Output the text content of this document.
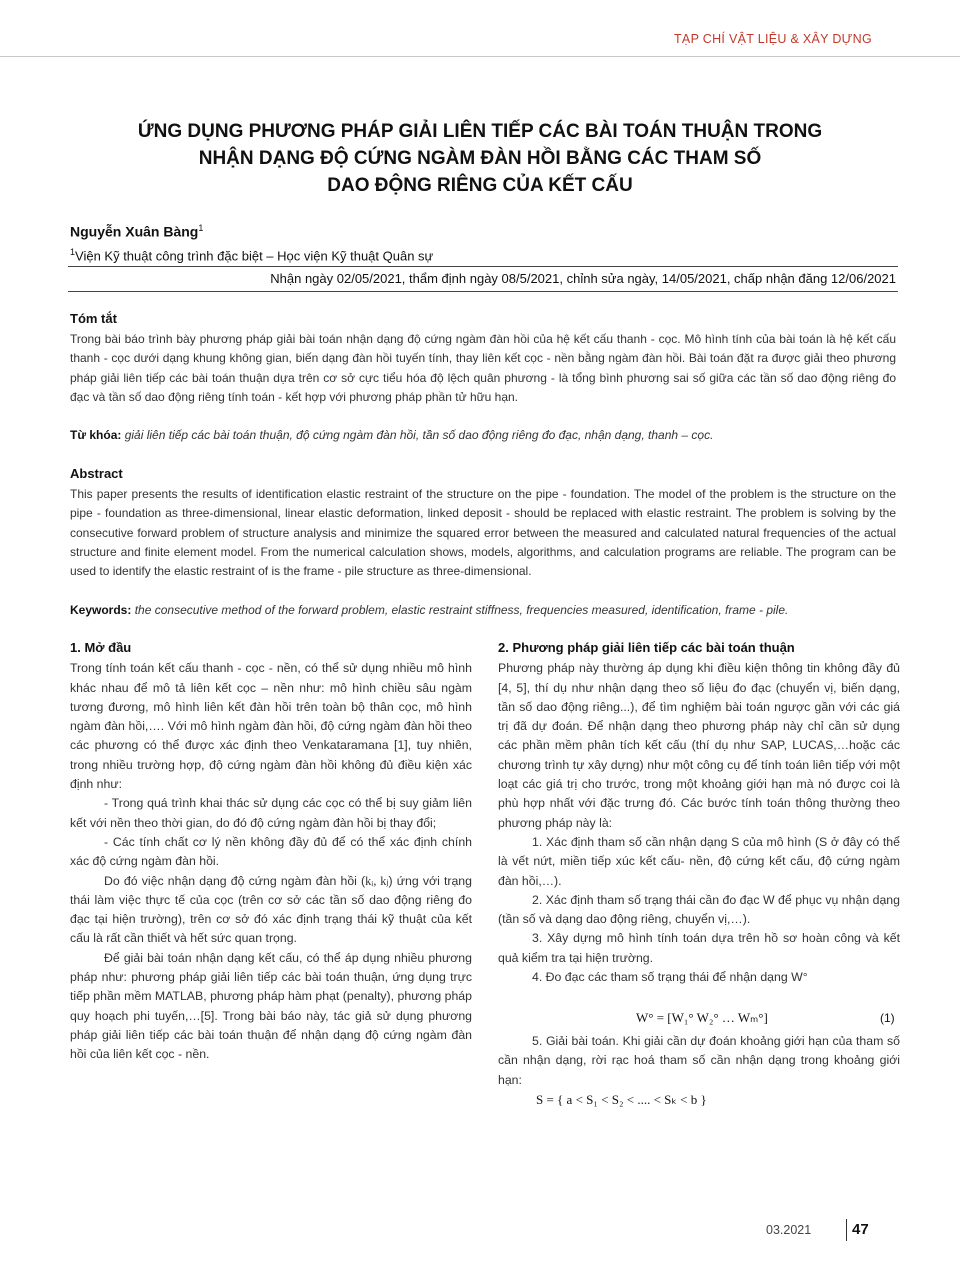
TẠP CHÍ VẬT LIỆU & XÂY DỰNG
ỨNG DỤNG PHƯƠNG PHÁP GIẢI LIÊN TIẾP CÁC BÀI TOÁN THUẬN TRONG
NHẬN DẠNG ĐỘ CỨNG NGÀM ĐÀN HỒI BẰNG CÁC THAM SỐ
DAO ĐỘNG RIÊNG CỦA KẾT CẤU
Nguyễn Xuân Bàng$^1$
$^1$Viện Kỹ thuật công trình đặc biệt – Học viện Kỹ thuật Quân sự
Nhận ngày 02/05/2021, thẩm định ngày 08/5/2021, chỉnh sửa ngày, 14/05/2021, chấp nhận đăng 12/06/2021
Tóm tắt
Trong bài báo trình bày phương pháp giải bài toán nhận dạng độ cứng ngàm đàn hồi của hệ kết cấu thanh - cọc. Mô hình tính của bài toán là hệ kết cấu thanh - cọc dưới dạng khung không gian, biến dạng đàn hồi tuyến tính, thay liên kết cọc - nền bằng ngàm đàn hồi. Bài toán đặt ra được giải theo phương pháp giải liên tiếp các bài toán thuận dựa trên cơ sở cực tiểu hóa độ lệch quân phương - là tổng bình phương sai số giữa các tần số dao động riêng đo đạc và tần số dao động riêng tính toán - kết hợp với phương pháp phần tử hữu hạn.
Từ khóa: giải liên tiếp các bài toán thuận, độ cứng ngàm đàn hồi, tần số dao động riêng đo đạc, nhận dạng, thanh – cọc.
Abstract
This paper presents the results of identification elastic restraint of the structure on the pipe - foundation. The model of the problem is the structure on the pipe - foundation as three-dimensional, linear elastic deformation, linked deposit - should be replaced with elastic restraint. The problem is solving by the consecutive forward problem of structure analysis and minimize the squared error between the measured and calculated natural frequencies of the actual structure and finite element model. From the numerical calculation shows, models, algorithms, and calculation programs are reliable. The program can be used to identify the elastic restraint of is the frame - pile structure as three-dimensional.
Keywords: the consecutive method of the forward problem, elastic restraint stiffness, frequencies measured, identification, frame - pile.

1. Mở đầu

Trong tính toán kết cấu thanh - cọc - nền, có thể sử dụng nhiều mô hình khác nhau để mô tả liên kết cọc – nền như: mô hình chiều sâu ngàm tương đương, mô hình liên kết đàn hồi trên toàn bộ thân cọc, mô hình ngàm đàn hồi,…. Với mô hình ngàm đàn hồi, độ cứng ngàm đàn hồi theo các phương có thể được xác định theo Venkataramana [1], tuy nhiên, trong nhiều trường hợp, độ cứng ngàm đàn hồi không đủ điều kiện xác định như:

- Trong quá trình khai thác sử dụng các cọc có thể bị suy giảm liên kết với nền theo thời gian, do đó độ cứng ngàm đàn hồi bị thay đổi;

- Các tính chất cơ lý nền không đầy đủ để có thể xác định chính xác độ cứng ngàm đàn hồi.

Do đó việc nhận dạng độ cứng ngàm đàn hồi (kᵢ, kⱼ) ứng với trạng thái làm việc thực tế của cọc (trên cơ sở các tần số dao động riêng đo đạc tại hiện trường), trên cơ sở đó xác định trạng thái kỹ thuật của kết cấu là rất cần thiết và hết sức quan trọng.

Để giải bài toán nhận dạng kết cấu, có thể áp dụng nhiều phương pháp như: phương pháp giải liên tiếp các bài toán thuận, ứng dụng trực tiếp phần mềm MATLAB, phương pháp hàm phạt (penalty), phương pháp quy hoạch phi tuyến,…[5]. Trong bài báo này, tác giả sử dụng phương pháp giải liên tiếp các bài toán thuận để nhận dạng độ cứng ngàm đàn hồi của liên kết cọc - nền.

2. Phương pháp giải liên tiếp các bài toán thuận

Phương pháp này thường áp dụng khi điều kiện thông tin không đầy đủ [4, 5], thí dụ như nhận dạng theo số liệu đo đạc (chuyển vị, biến dạng, tần số dao động riêng...), để tìm nghiệm bài toán ngược gần với các giá trị đã dự đoán. Để nhận dạng theo phương pháp này chỉ cần sử dụng các phần mềm phân tích kết cấu (thí dụ như SAP, LUCAS,…hoặc các chương trình tự xây dựng) như một công cụ để tính toán liên tiếp với một loạt các giá trị cho trước, trong một khoảng giới hạn mà nó được coi là phù hợp nhất với đặc trưng đó. Các bước tính toán thông thường theo phương pháp này là:

1. Xác định tham số cần nhận dạng S của mô hình (S ở đây có thể là vết nứt, miền tiếp xúc kết cấu- nền, độ cứng kết cấu, độ cứng ngàm đàn hồi,…).

2. Xác định tham số trạng thái cần đo đạc W để phục vụ nhận dạng (tần số và dạng dao động riêng, chuyển vị,…).

3. Xây dựng mô hình tính toán dựa trên hồ sơ hoàn công và kết quả kiểm tra tại hiện trường.

4. Đo đạc các tham số trạng thái để nhận dạng W°

W° = [W₁° W₂° … Wₘ°]	(1)

5. Giải bài toán. Khi giải cần dự đoán khoảng giới hạn của tham số cần nhận dạng, rời rạc hoá tham số cần nhận dạng trong khoảng giới hạn:

S = { a < S₁ < S₂ < .... < Sₖ < b }
03.2021	47
